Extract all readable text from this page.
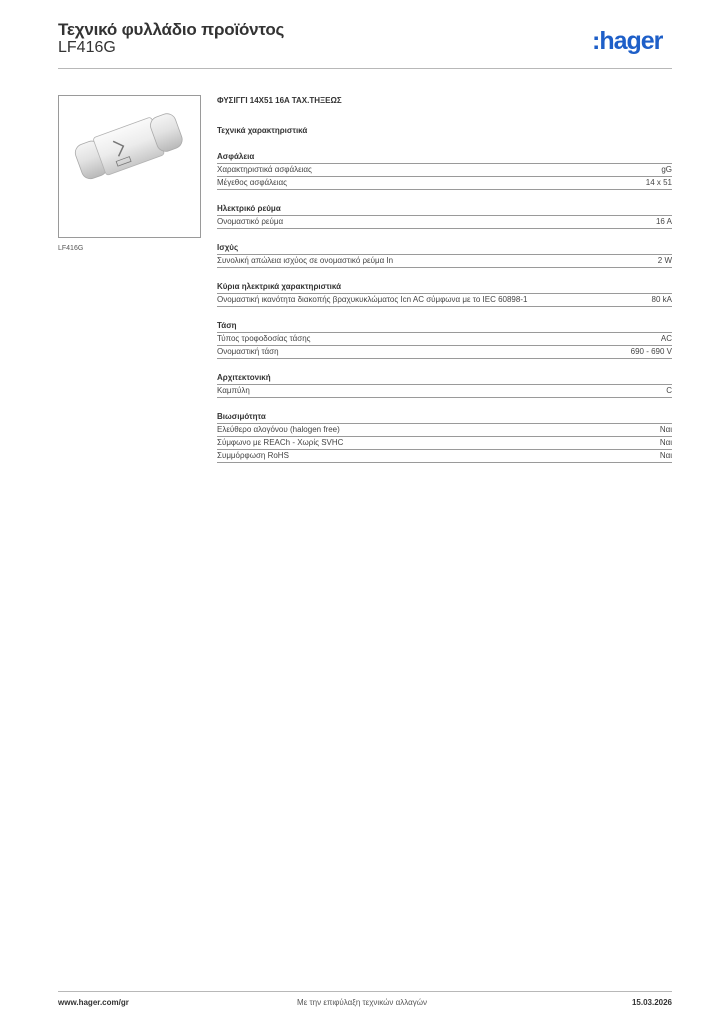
Τεχνικό φυλλάδιο προϊόντος
LF416G	:hager
LF416G
ΦΥΣΙΓΓΙ 14X51 16A ΤΑΧ.ΤΗΞΕΩΣ
Τεχνικά χαρακτηριστικά
Ασφάλεια
Χαρακτηριστικά ασφάλειας	gG
Μέγεθος ασφάλειας	14 x 51
Ηλεκτρικό ρεύμα
Ονομαστικό ρεύμα	16 A
Ισχύς
Συνολική απώλεια ισχύος σε ονομαστικό ρεύμα In	2 W
Κύρια ηλεκτρικά χαρακτηριστικά
Ονομαστική ικανότητα διακοπής βραχυκυκλώματος Icn AC σύμφωνα με το IEC 60898-1	80 kA
Τάση
Τύπος τροφοδοσίας τάσης	AC
Ονομαστική τάση	690 - 690 V
Αρχιτεκτονική
Καμπύλη	C
Βιωσιμότητα
Ελεύθερο αλογόνου (halogen free)	Ναι
Σύμφωνο με REACh - Χωρίς SVHC	Ναι
Συμμόρφωση RoHS	Ναι
www.hager.com/gr	Με την επιφύλαξη τεχνικών αλλαγών	15.03.2026
